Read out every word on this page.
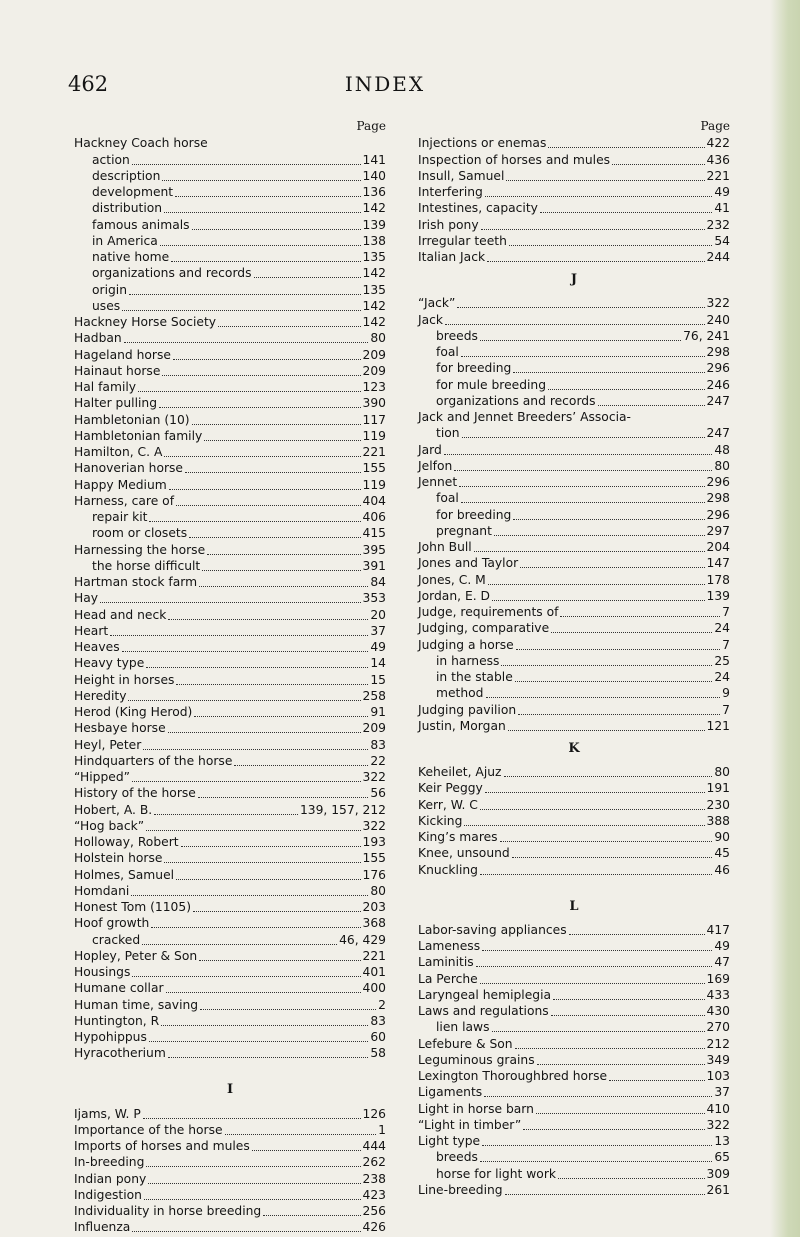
462	INDEX
Page
Hackney Coach horse
action	141
description	140
development	136
distribution	142
famous animals	139
in America	138
native home	135
organizations and records	142
origin	135
uses	142
Hackney Horse Society	142
Hadban	80
Hageland horse	209
Hainaut horse	209
Hal family	123
Halter pulling	390
Hambletonian (10)	117
Hambletonian family	119
Hamilton, C. A	221
Hanoverian horse	155
Happy Medium	119
Harness, care of	404
repair kit	406
room or closets	415
Harnessing the horse	395
the horse difficult	391
Hartman stock farm	84
Hay	353
Head and neck	20
Heart	37
Heaves	49
Heavy type	14
Height in horses	15
Heredity	258
Herod (King Herod)	91
Hesbaye horse	209
Heyl, Peter	83
Hindquarters of the horse	22
“Hipped”	322
History of the horse	56
Hobert, A. B.	139, 157, 212
“Hog back”	322
Holloway, Robert	193
Holstein horse	155
Holmes, Samuel	176
Homdani	80
Honest Tom (1105)	203
Hoof growth	368
cracked	46, 429
Hopley, Peter & Son	221
Housings	401
Humane collar	400
Human time, saving	2
Huntington, R	83
Hypohippus	60
Hyracotherium	58
I
Ijams, W. P	126
Importance of the horse	1
Imports of horses and mules	444
In-breeding	262
Indian pony	238
Indigestion	423
Individuality in horse breeding	256
Influenza	426
Page
Injections or enemas	422
Inspection of horses and mules	436
Insull, Samuel	221
Interfering	49
Intestines, capacity	41
Irish pony	232
Irregular teeth	54
Italian Jack	244
J
“Jack”	322
Jack	240
breeds	76, 241
foal	298
for breeding	296
for mule breeding	246
organizations and records	247
Jack and Jennet Breeders’ Associa-
tion	247
Jard	48
Jelfon	80
Jennet	296
foal	298
for breeding	296
pregnant	297
John Bull	204
Jones and Taylor	147
Jones, C. M	178
Jordan, E. D	139
Judge, requirements of	7
Judging, comparative	24
Judging a horse	7
in harness	25
in the stable	24
method	9
Judging pavilion	7
Justin, Morgan	121
K
Keheilet, Ajuz	80
Keir Peggy	191
Kerr, W. C	230
Kicking	388
King’s mares	90
Knee, unsound	45
Knuckling	46
L
Labor-saving appliances	417
Lameness	49
Laminitis	47
La Perche	169
Laryngeal hemiplegia	433
Laws and regulations	430
lien laws	270
Lefebure & Son	212
Leguminous grains	349
Lexington Thoroughbred horse	103
Ligaments	37
Light in horse barn	410
“Light in timber”	322
Light type	13
breeds	65
horse for light work	309
Line-breeding	261
